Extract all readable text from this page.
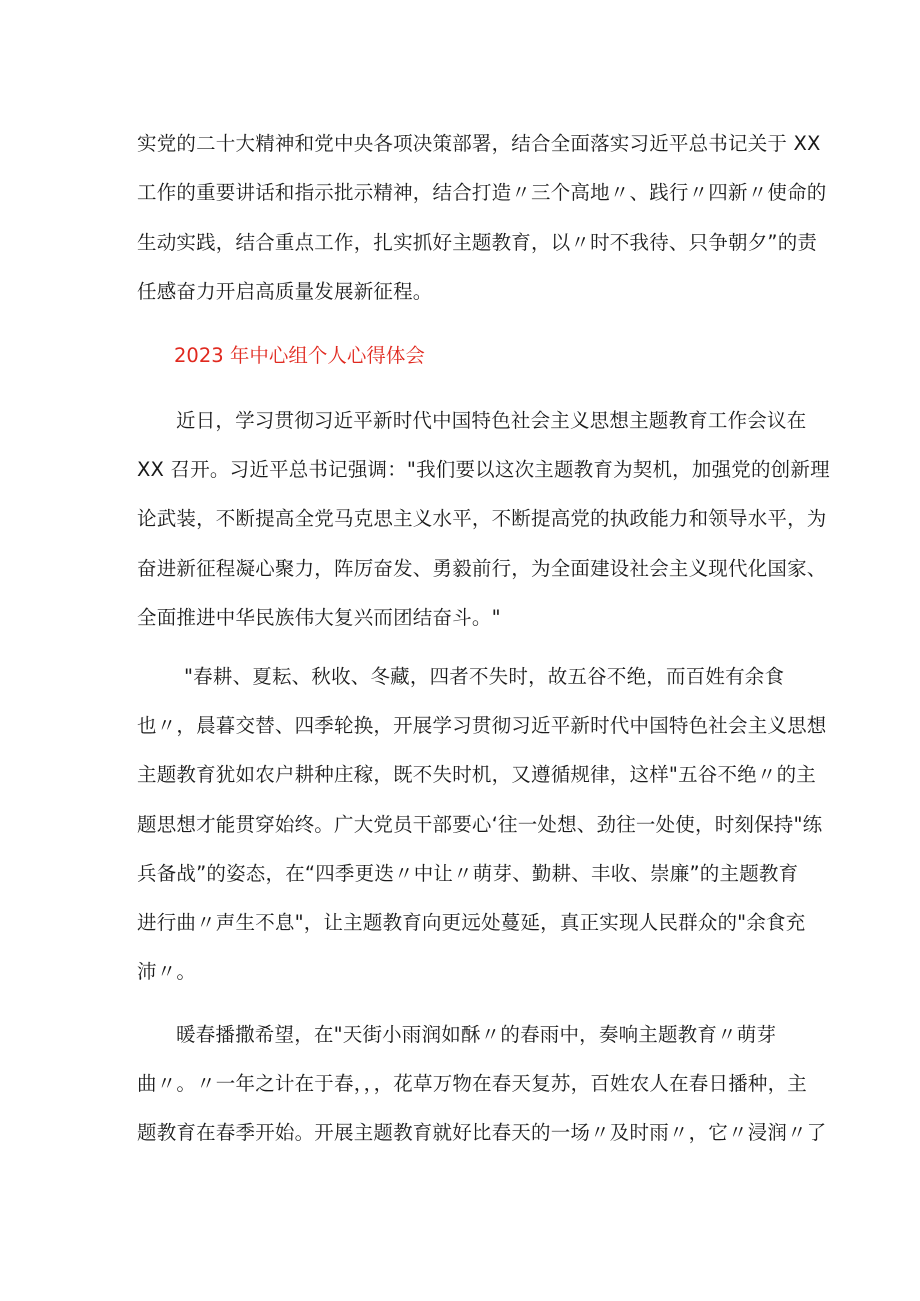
实党的二十大精神和党中央各项决策部署，结合全面落实习近平总书记关于 XX
工作的重要讲话和指示批示精神，结合打造〃三个高地〃、践行〃四新〃使命的
生动实践，结合重点工作，扎实抓好主题教育，以〃时不我待、只争朝夕”的责
任感奋力开启高质量发展新征程。
2023 年中心组个人心得体会
近日，学习贯彻习近平新时代中国特色社会主义思想主题教育工作会议在
XX 召开。习近平总书记强调："我们要以这次主题教育为契机，加强党的创新理
论武装，不断提高全党马克思主义水平，不断提高党的执政能力和领导水平，为
奋进新征程凝心聚力，阵厉奋发、勇毅前行，为全面建设社会主义现代化国家、
全面推进中华民族伟大复兴而团结奋斗。"
"春耕、夏耘、秋收、冬藏，四者不失时，故五谷不绝，而百姓有余食
也〃，晨暮交替、四季轮换，开展学习贯彻习近平新时代中国特色社会主义思想
主题教育犹如农户耕种庄稼，既不失时机，又遵循规律，这样"五谷不绝〃的主
题思想才能贯穿始终。广大党员干部要心‘往一处想、劲往一处使，时刻保持"练
兵备战”的姿态，在“四季更迭〃中让〃萌芽、勤耕、丰收、崇廉”的主题教育
进行曲〃声生不息"，让主题教育向更远处蔓延，真正实现人民群众的"余食充
沛〃。
暖春播撒希望，在"天街小雨润如酥〃的春雨中，奏响主题教育〃萌芽
曲〃。〃一年之计在于春，，，花草万物在春天复苏，百姓农人在春日播种，主
题教育在春季开始。开展主题教育就好比春天的一场〃及时雨〃，它〃浸润〃了
